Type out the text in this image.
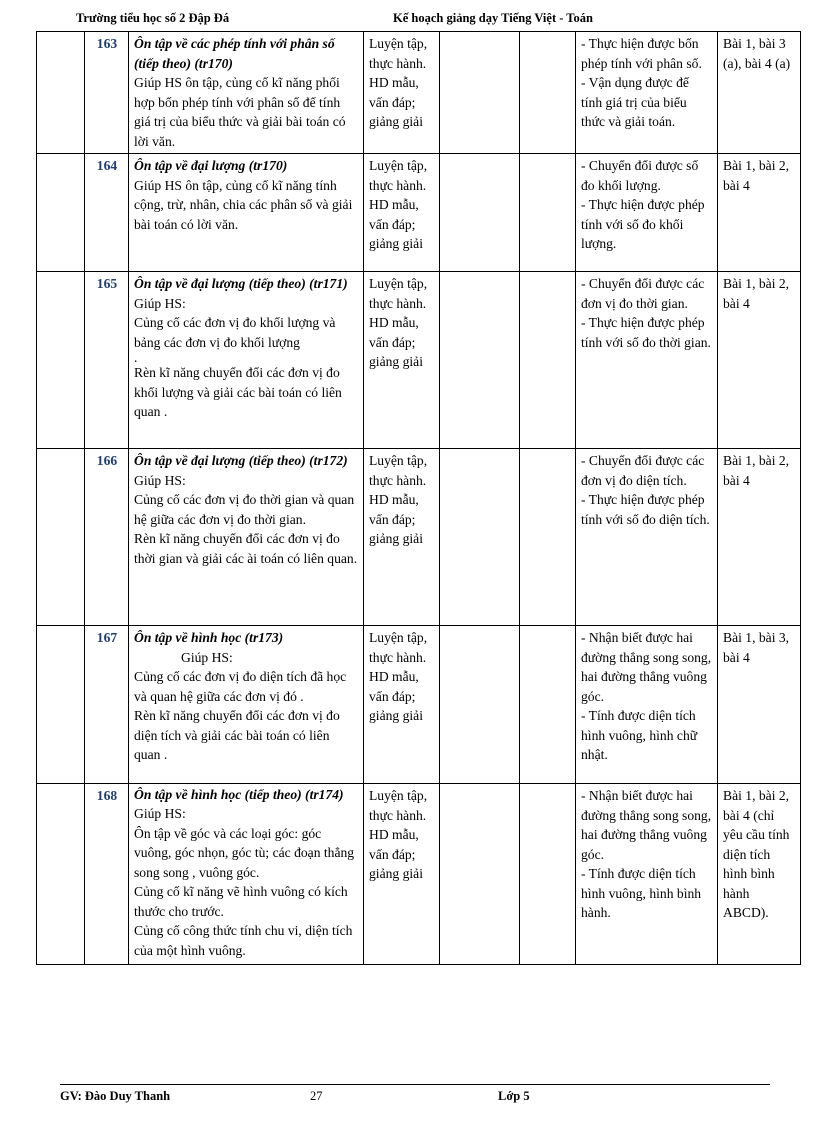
Trường tiểu học số 2 Đập Đá	Kế hoạch giảng dạy Tiếng Việt - Toán
	163	Ôn tập về các phép tính với phân số (tiếp theo) (tr170)
Giúp HS ôn tập, củng cố kĩ năng phối hợp bốn phép tính với phân số để tính giá trị của biểu thức và giải bài toán có lời văn.	Luyện tập, thực hành. HD mẫu, vấn đáp; giảng giải			- Thực hiện được bốn phép tính với phân số.
- Vận dụng được để tính giá trị của biểu thức và giải toán.	Bài 1, bài 3 (a), bài 4 (a)
	164	Ôn tập về đại lượng (tr170)
Giúp HS ôn tập, củng cố kĩ năng tính cộng, trừ, nhân, chia các phân số và giải bài toán có lời văn.	Luyện tập, thực hành. HD mẫu, vấn đáp; giảng giải			- Chuyển đổi được số đo khối lượng.
- Thực hiện được phép tính với số đo khối lượng.	Bài 1, bài 2, bài 4
	165	Ôn tập về đại lượng (tiếp theo) (tr171)
Giúp HS:
Củng cố các đơn vị đo khối lượng và bảng các đơn vị đo khối lượng
.
Rèn kĩ năng chuyển đổi các đơn vị đo khối lượng và giải các bài toán có liên quan .	Luyện tập, thực hành. HD mẫu, vấn đáp; giảng giải			- Chuyển đổi được các đơn vị đo thời gian.
- Thực hiện được phép tính với số đo thời gian.	Bài 1, bài 2, bài 4
	166	Ôn tập về đại lượng (tiếp theo) (tr172)
Giúp HS:
Củng cố các đơn vị đo thời gian và quan hệ giữa các đơn vị đo thời gian.
Rèn kĩ năng chuyển đổi các đơn vị đo thời gian và giải các ài toán có liên quan.	Luyện tập, thực hành. HD mẫu, vấn đáp; giảng giải			- Chuyển đổi được các đơn vị đo diện tích.
- Thực hiện được phép tính với số đo diện tích.	Bài 1, bài 2, bài 4
	167	Ôn tập về hình học (tr173)
Giúp HS:
Củng cố các đơn vị đo diện tích đã học và quan hệ giữa các đơn vị đó .
Rèn kĩ năng chuyển đổi các đơn vị đo diện tích và giải các bài toán có liên quan .	Luyện tập, thực hành. HD mẫu, vấn đáp; giảng giải			- Nhận biết được hai đường thẳng song song, hai đường thẳng vuông góc.
- Tính được diện tích hình vuông, hình chữ nhật.	Bài 1, bài 3, bài 4
	168	Ôn tập về hình học (tiếp theo) (tr174)
Giúp HS:
Ôn tập về góc và các loại góc: góc vuông, góc nhọn, góc tù; các đoạn thẳng song song , vuông góc.
Củng cố kĩ năng vẽ hình vuông có kích thước cho trước.
Củng cố công thức tính chu vi, diện tích của một hình vuông.	Luyện tập, thực hành. HD mẫu, vấn đáp; giảng giải			- Nhận biết được hai đường thẳng song song, hai đường thẳng vuông góc.
- Tính được diện tích hình vuông, hình bình hành.	Bài 1, bài 2, bài 4 (chỉ yêu cầu tính diện tích hình bình hành ABCD).
GV: Đào Duy Thanh	27	Lớp 5
